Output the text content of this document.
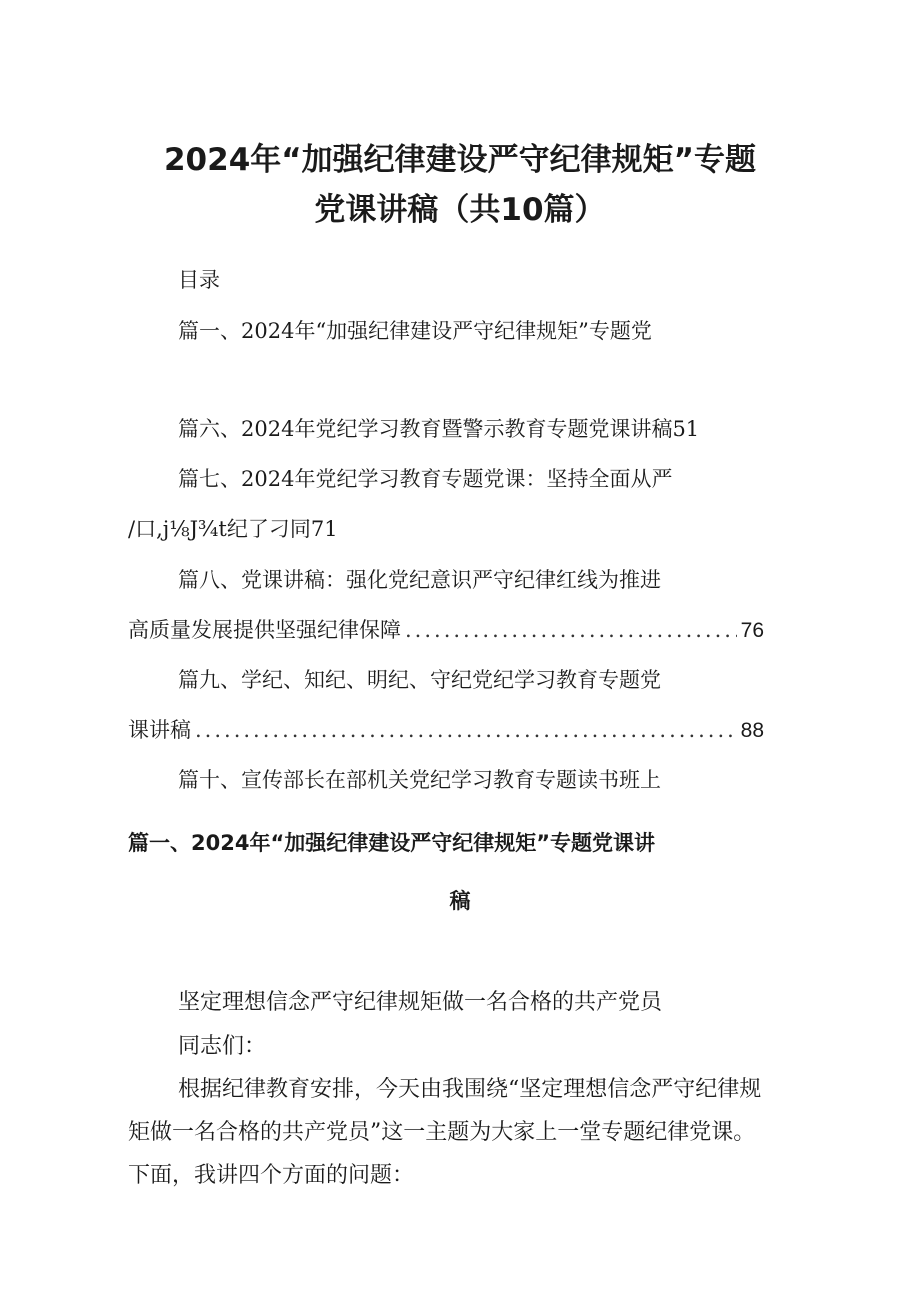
2024年“加强纪律建设严守纪律规矩”专题
党课讲稿（共10篇）

目录

篇一、2024年“加强纪律建设严守纪律规矩”专题党

篇六、2024年党纪学习教育暨警示教育专题党课讲稿51

篇七、2024年党纪学习教育专题党课：坚持全面从严

/口,j⅛J¾t纪了刁同71

篇八、党课讲稿：强化党纪意识严守纪律红线为推进

高质量发展提供坚强纪律保障 .....	76

篇九、学纪、知纪、明纪、守纪党纪学习教育专题党

课讲稿 .....	88

篇十、宣传部长在部机关党纪学习教育专题读书班上

篇一、2024年“加强纪律建设严守纪律规矩”专题党课讲
稿

坚定理想信念严守纪律规矩做一名合格的共产党员

同志们：

根据纪律教育安排，今天由我围绕“坚定理想信念严守纪律规

矩做一名合格的共产党员”这一主题为大家上一堂专题纪律党课。

下面，我讲四个方面的问题：
